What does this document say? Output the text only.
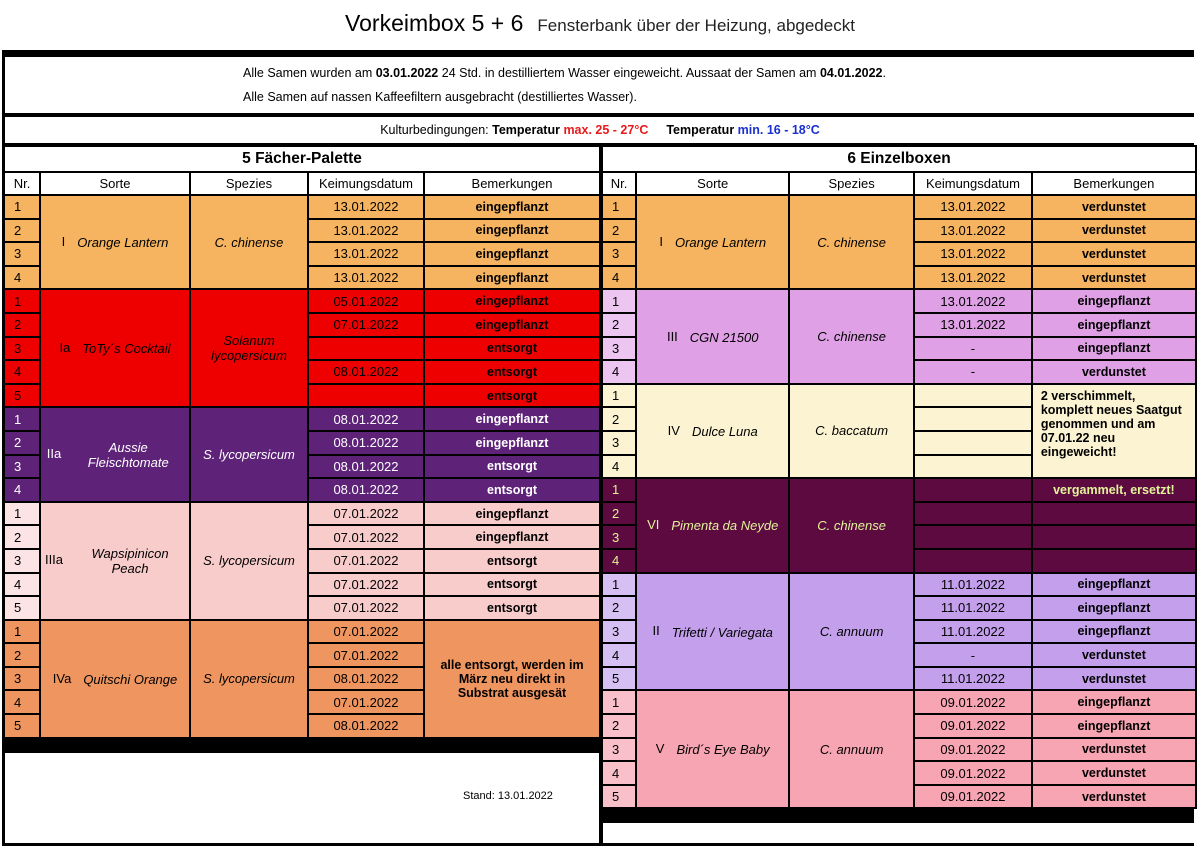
Vorkeimbox 5 + 6 Fensterbank über der Heizung, abgedeckt
Alle Samen wurden am 03.01.2022 24 Std. in destilliertem Wasser eingeweicht. Aussaat der Samen am 04.01.2022.
Alle Samen auf nassen Kaffeefiltern ausgebracht (destilliertes Wasser).
Kulturbedingungen: Temperatur max. 25 - 27°C Temperatur min. 16 - 18°C
5 Fächer-Palette				
Nr.	Sorte	Spezies	Keimungsdatum	Bemerkungen
1	I Orange Lantern	C. chinense	13.01.2022	eingepflanzt
2			13.01.2022	eingepflanzt
3			13.01.2022	eingepflanzt
4			13.01.2022	eingepflanzt
1	Ia ToTy´s Cocktail	Solanum lycopersicum	05.01.2022	eingepflanzt
2			07.01.2022	eingepflanzt
3				entsorgt
4			08.01.2022	entsorgt
5				entsorgt
1	IIa Aussie Fleischtomate	S. lycopersicum	08.01.2022	eingepflanzt
2			08.01.2022	eingepflanzt
3			08.01.2022	entsorgt
4			08.01.2022	entsorgt
1	IIIa Wapsipinicon Peach	S. lycopersicum	07.01.2022	eingepflanzt
2			07.01.2022	eingepflanzt
3			07.01.2022	entsorgt
4			07.01.2022	entsorgt
5			07.01.2022	entsorgt
1	IVa Quitschi Orange	S. lycopersicum	07.01.2022	alle entsorgt, werden im März neu direkt in Substrat ausgesät
2			07.01.2022	
3			08.01.2022	
4			07.01.2022	
5			08.01.2022	
6 Einzelboxen				
Nr.	Sorte	Spezies	Keimungsdatum	Bemerkungen
1	I Orange Lantern	C. chinense	13.01.2022	verdunstet
2			13.01.2022	verdunstet
3			13.01.2022	verdunstet
4			13.01.2022	verdunstet
1	III CGN 21500	C. chinense	13.01.2022	eingepflanzt
2			13.01.2022	eingepflanzt
3			-	eingepflanzt
4			-	verdunstet
1	IV Dulce Luna	C. baccatum		2 verschimmelt, komplett neues Saatgut genommen und am 07.01.22 neu eingeweicht!
2				
3				
4				
1	VI Pimenta da Neyde	C. chinense		vergammelt, ersetzt!
2				
3				
4				
1	II Trifetti / Variegata	C. annuum	11.01.2022	eingepflanzt
2			11.01.2022	eingepflanzt
3			11.01.2022	eingepflanzt
4			-	verdunstet
5			11.01.2022	verdunstet
1	V Bird´s Eye Baby	C. annuum	09.01.2022	eingepflanzt
2			09.01.2022	eingepflanzt
3			09.01.2022	verdunstet
4			09.01.2022	verdunstet
5			09.01.2022	verdunstet
Stand: 13.01.2022
